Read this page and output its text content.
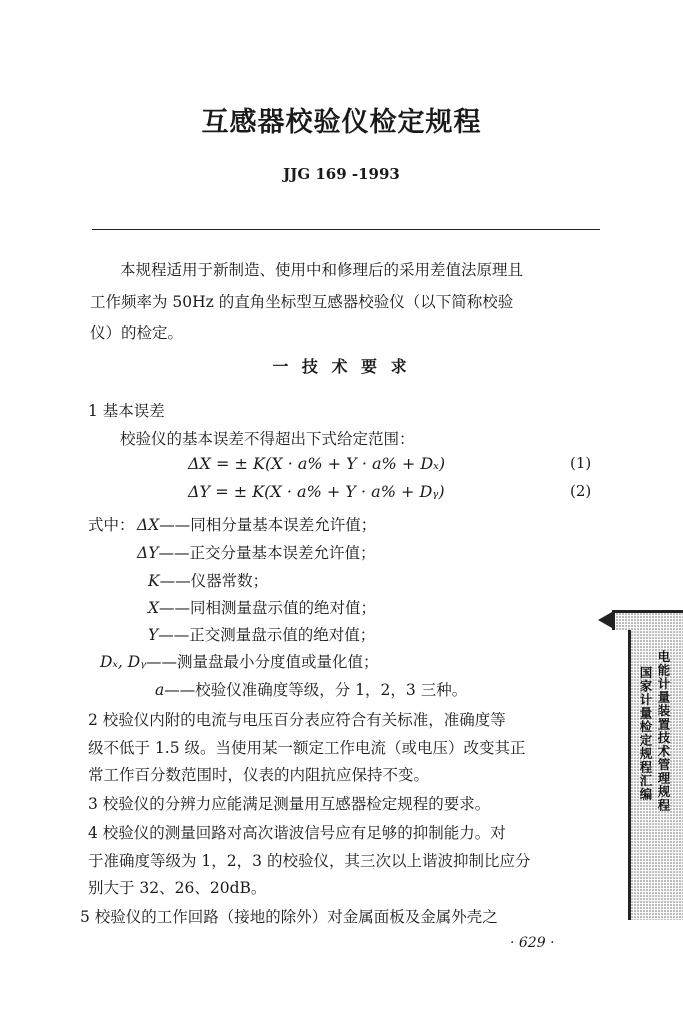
互感器校验仪检定规程
JJG 169 -1993
本规程适用于新制造、使用中和修理后的采用差值法原理且
工作频率为 50Hz 的直角坐标型互感器校验仪（以下简称校验
仪）的检定。
一 技 术 要 求
1 基本误差
校验仪的基本误差不得超出下式给定范围：
ΔX = ± K(X · a% + Y · a% + Dₓ)	(1)
ΔY = ± K(X · a% + Y · a% + Dᵧ)	(2)
式中： ΔX——同相分量基本误差允许值；
ΔY——正交分量基本误差允许值；
K——仪器常数；
X——同相测量盘示值的绝对值；
Y——正交测量盘示值的绝对值；
Dₓ, Dᵧ——测量盘最小分度值或量化值；
a——校验仪准确度等级，分 1，2，3 三种。
2 校验仪内附的电流与电压百分表应符合有关标准，准确度等
级不低于 1.5 级。当使用某一额定工作电流（或电压）改变其正
常工作百分数范围时，仪表的内阻抗应保持不变。
3 校验仪的分辨力应能满足测量用互感器检定规程的要求。
4 校验仪的测量回路对高次谐波信号应有足够的抑制能力。对
于准确度等级为 1，2，3 的校验仪，其三次以上谐波抑制比应分
别大于 32、26、20dB。
5 校验仪的工作回路（接地的除外）对金属面板及金属外壳之
· 629 ·
电能计量装置技术管理规程
国家计量检定规程汇编
